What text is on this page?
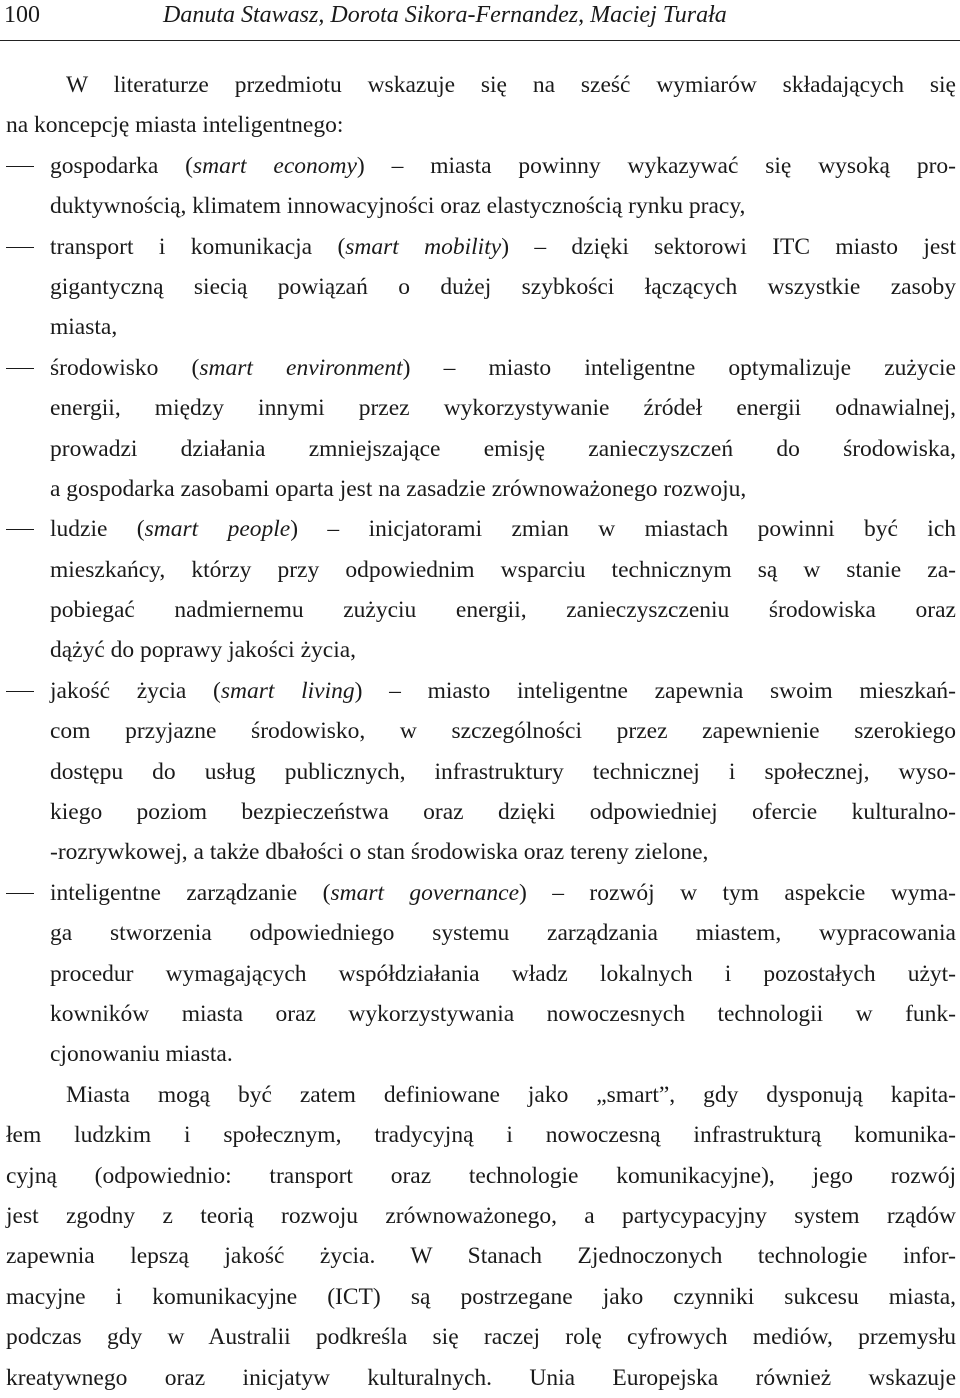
100	Danuta Stawasz, Dorota Sikora-Fernandez, Maciej Turała
W literaturze przedmiotu wskazuje się na sześć wymiarów składających się
na koncepcję miasta inteligentnego:
gospodarka (smart economy) – miasta powinny wykazywać się wysoką pro-
duktywnością, klimatem innowacyjności oraz elastycznością rynku pracy,
transport i komunikacja (smart mobility) – dzięki sektorowi ITC miasto jest
gigantyczną siecią powiązań o dużej szybkości łączących wszystkie zasoby
miasta,
środowisko (smart environment) – miasto inteligentne optymalizuje zużycie
energii, między innymi przez wykorzystywanie źródeł energii odnawialnej,
prowadzi działania zmniejszające emisję zanieczyszczeń do środowiska,
a gospodarka zasobami oparta jest na zasadzie zrównoważonego rozwoju,
ludzie (smart people) – inicjatorami zmian w miastach powinni być ich
mieszkańcy, którzy przy odpowiednim wsparciu technicznym są w stanie za-
pobiegać nadmiernemu zużyciu energii, zanieczyszczeniu środowiska oraz
dążyć do poprawy jakości życia,
jakość życia (smart living) – miasto inteligentne zapewnia swoim mieszkań-
com przyjazne środowisko, w szczególności przez zapewnienie szerokiego
dostępu do usług publicznych, infrastruktury technicznej i społecznej, wyso-
kiego poziom bezpieczeństwa oraz dzięki odpowiedniej ofercie kulturalno-
-rozrywkowej, a także dbałości o stan środowiska oraz tereny zielone,
inteligentne zarządzanie (smart governance) – rozwój w tym aspekcie wyma-
ga stworzenia odpowiedniego systemu zarządzania miastem, wypracowania
procedur wymagających współdziałania władz lokalnych i pozostałych użyt-
kowników miasta oraz wykorzystywania nowoczesnych technologii w funk-
cjonowaniu miasta.
Miasta mogą być zatem definiowane jako „smart”, gdy dysponują kapita-
łem ludzkim i społecznym, tradycyjną i nowoczesną infrastrukturą komunika-
cyjną (odpowiednio: transport oraz technologie komunikacyjne), jego rozwój
jest zgodny z teorią rozwoju zrównoważonego, a partycypacyjny system rządów
zapewnia lepszą jakość życia. W Stanach Zjednoczonych technologie infor-
macyjne i komunikacyjne (ICT) są postrzegane jako czynniki sukcesu miasta,
podczas gdy w Australii podkreśla się raczej rolę cyfrowych mediów, przemysłu
kreatywnego oraz inicjatyw kulturalnych. Unia Europejska również wskazuje
